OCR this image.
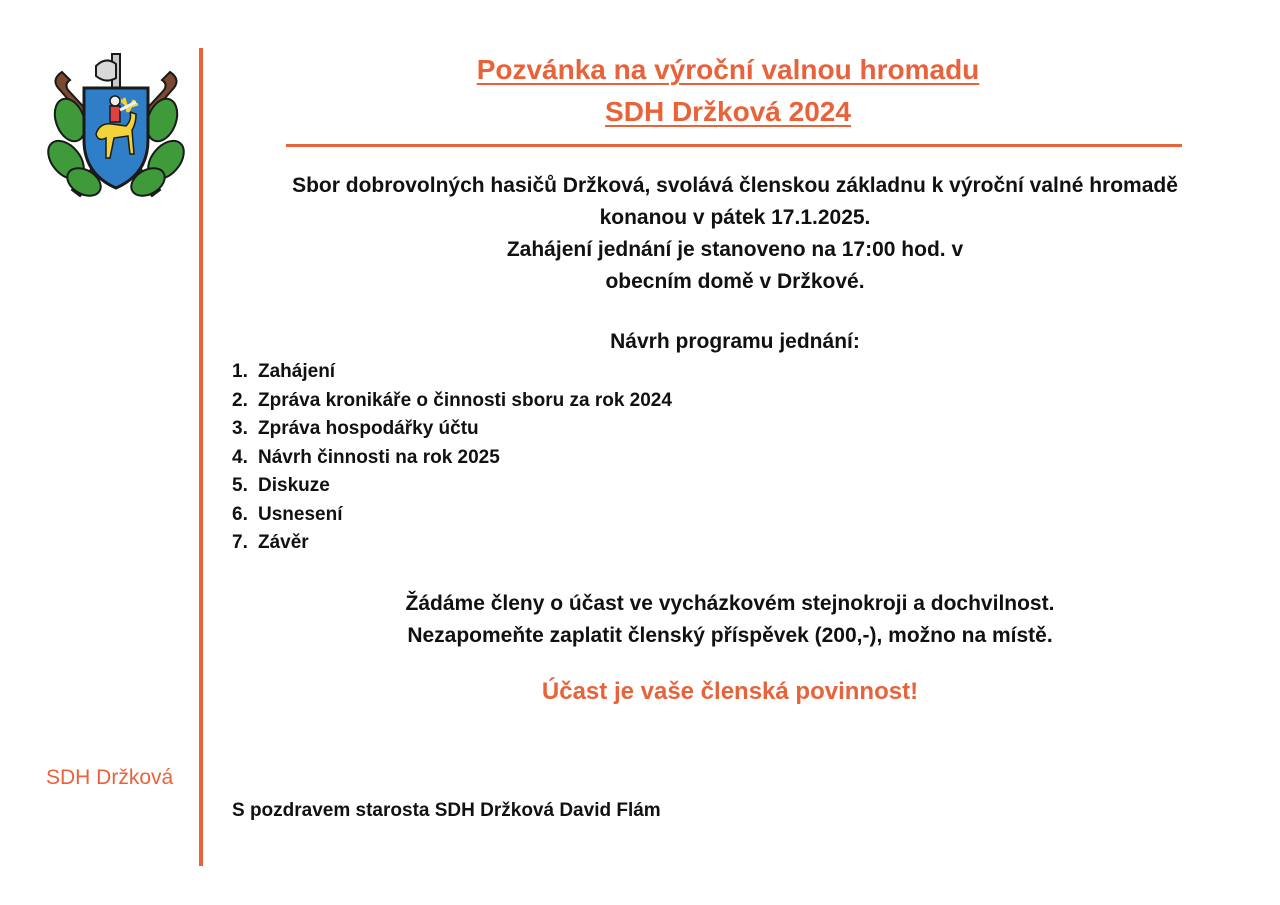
SDH Držková
Pozvánka na výroční valnou hromadu
SDH Držková 2024
Sbor dobrovolných hasičů Držková, svolává členskou základnu k výroční valné hromadě
konanou v pátek 17.1.2025.
Zahájení jednání je stanoveno na 17:00 hod. v
obecním domě v Držkové.
Návrh programu jednání:
1. Zahájení
2. Zpráva kronikáře o činnosti sboru za rok 2024
3. Zpráva hospodářky účtu
4. Návrh činnosti na rok 2025
5. Diskuze
6. Usnesení
7. Závěr
Žádáme členy o účast ve vycházkovém stejnokroji a dochvilnost.
Nezapomeňte zaplatit členský příspěvek (200,-), možno na místě.
Účast je vaše členská povinnost!
S pozdravem starosta SDH Držková David Flám
